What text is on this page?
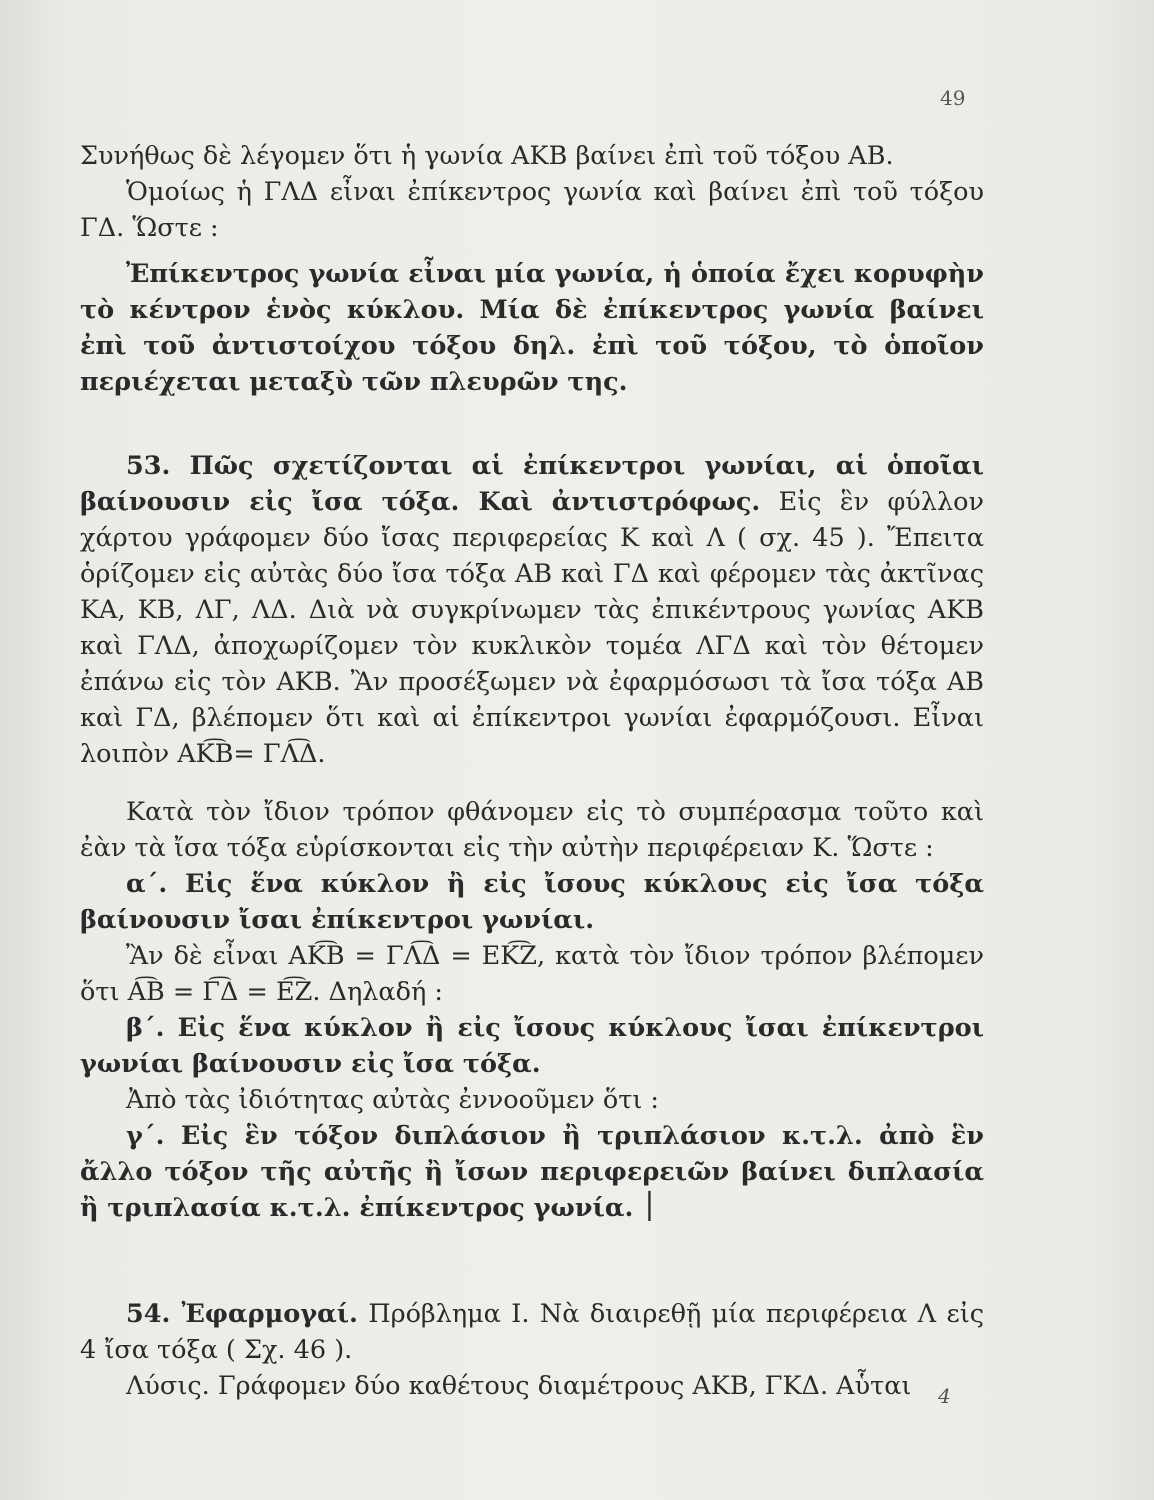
49

Συνήθως δὲ λέγομεν ὅτι ἡ γωνία ΑΚΒ βαίνει ἐπὶ τοῦ τόξου ΑΒ.

Ὁμοίως ἡ ΓΛΔ εἶναι ἐπίκεντρος γωνία καὶ βαίνει ἐπὶ τοῦ τόξου ΓΔ. Ὥστε :

Ἐπίκεντρος γωνία εἶναι μία γωνία, ἡ ὁποία ἔχει κορυφὴν τὸ κέντρον ἑνὸς κύκλου. Μία δὲ ἐπίκεντρος γωνία βαίνει ἐπὶ τοῦ ἀντιστοίχου τόξου δηλ. ἐπὶ τοῦ τόξου, τὸ ὁποῖον περιέχεται μεταξὺ τῶν πλευρῶν της.

53. Πῶς σχετίζονται αἱ ἐπίκεντροι γωνίαι, αἱ ὁποῖαι βαίνουσιν εἰς ἴσα τόξα. Καὶ ἀντιστρόφως. Εἰς ἓν φύλλον χάρτου γράφομεν δύο ἴσας περιφερείας Κ καὶ Λ ( σχ. 45 ). Ἔπειτα ὁρίζομεν εἰς αὐτὰς δύο ἴσα τόξα ΑΒ καὶ ΓΔ καὶ φέρομεν τὰς ἀκτῖνας ΚΑ, ΚΒ, ΛΓ, ΛΔ. Διὰ νὰ συγκρίνωμεν τὰς ἐπικέντρους γωνίας ΑΚΒ καὶ ΓΛΔ, ἀποχωρίζομεν τὸν κυκλικὸν τομέα ΛΓΔ καὶ τὸν θέτομεν ἐπάνω εἰς τὸν ΑΚΒ. Ἂν προσέξωμεν νὰ ἐφαρμόσωσι τὰ ἴσα τόξα ΑΒ καὶ ΓΔ, βλέπομεν ὅτι καὶ αἱ ἐπίκεντροι γωνίαι ἐφαρμόζουσι. Εἶναι λοιπὸν ΑΚ͡Β= ΓΛ͡Δ.

Κατὰ τὸν ἴδιον τρόπον φθάνομεν εἰς τὸ συμπέρασμα τοῦτο καὶ ἐὰν τὰ ἴσα τόξα εὑρίσκονται εἰς τὴν αὐτὴν περιφέρειαν Κ. Ὥστε :

α΄. Εἰς ἕνα κύκλον ἢ εἰς ἴσους κύκλους εἰς ἴσα τόξα βαίνουσιν ἴσαι ἐπίκεντροι γωνίαι.

Ἂν δὲ εἶναι ΑΚ͡Β = ΓΛ͡Δ = ΕΚ͡Ζ, κατὰ τὸν ἴδιον τρόπον βλέπομεν ὅτι Α͡Β = Γ͡Δ = Ε͡Ζ. Δηλαδή :

β΄. Εἰς ἕνα κύκλον ἢ εἰς ἴσους κύκλους ἴσαι ἐπίκεντροι γωνίαι βαίνουσιν εἰς ἴσα τόξα.

Ἀπὸ τὰς ἰδιότητας αὐτὰς ἐννοοῦμεν ὅτι :

γ΄. Εἰς ἓν τόξον διπλάσιον ἢ τριπλάσιον κ.τ.λ. ἀπὸ ἓν ἄλλο τόξον τῆς αὐτῆς ἢ ἴσων περιφερειῶν βαίνει διπλασία ἢ τριπλασία κ.τ.λ. ἐπίκεντρος γωνία. ׀

54. Ἐφαρμογαί. Πρόβλημα Ι. Νὰ διαιρεθῇ μία περιφέρεια Λ εἰς 4 ἴσα τόξα ( Σχ. 46 ).

Λύσις. Γράφομεν δύο καθέτους διαμέτρους ΑΚΒ, ΓΚΔ. Αὗται	4
